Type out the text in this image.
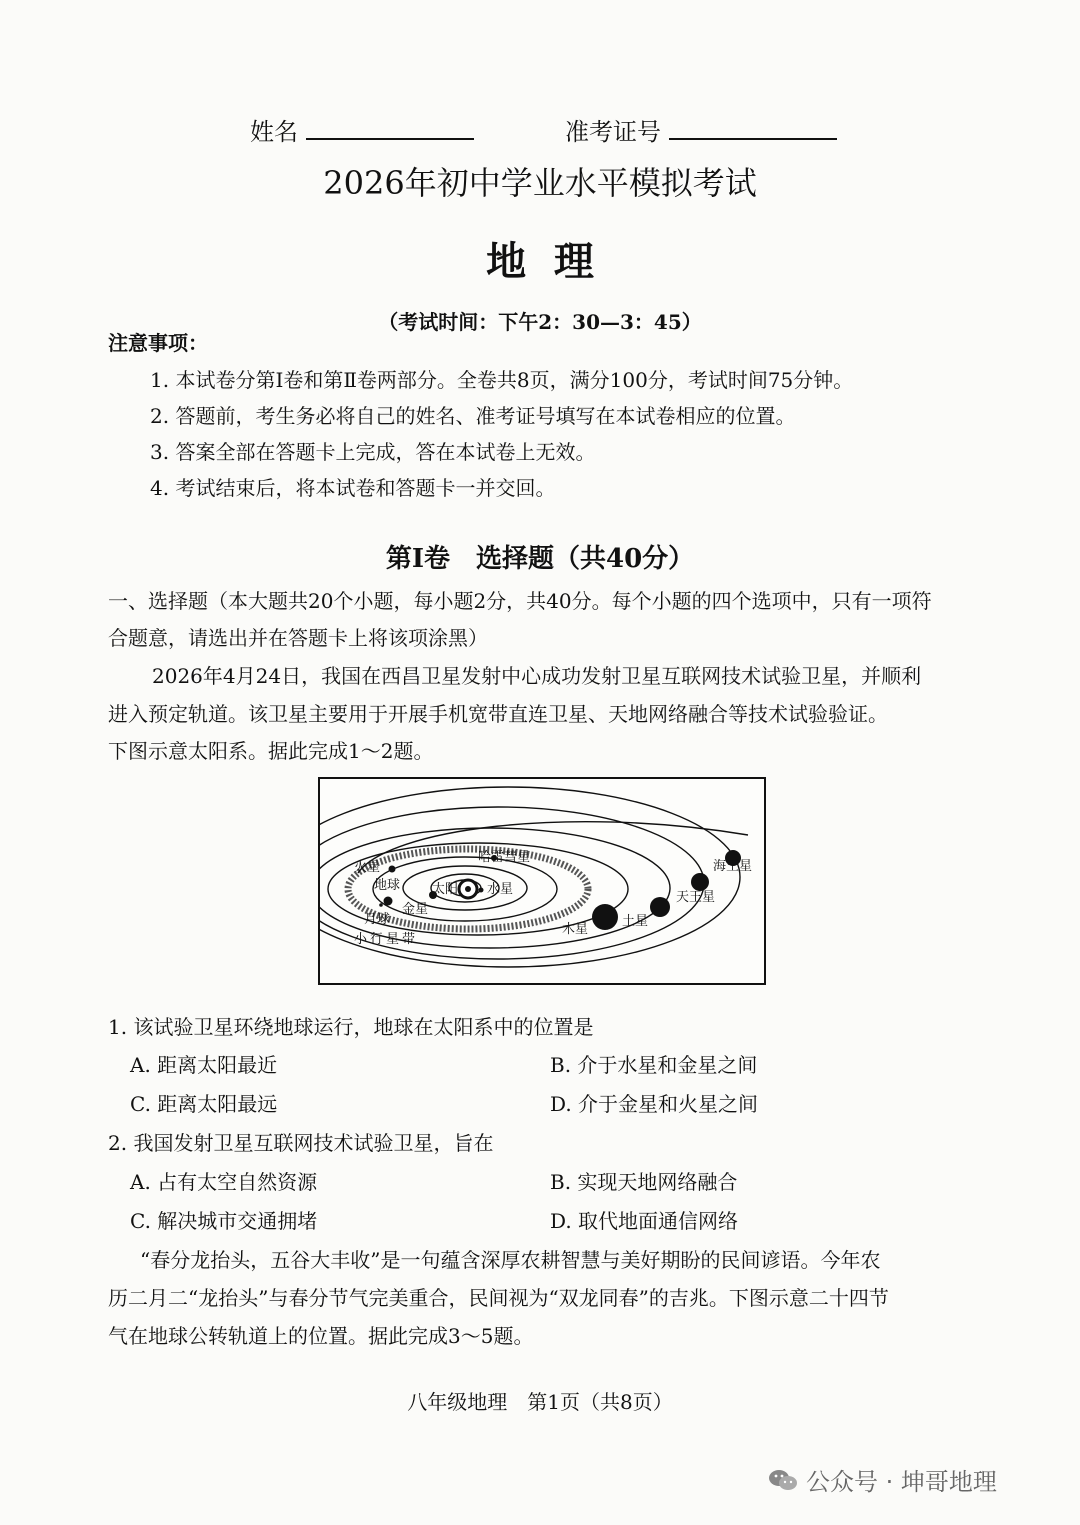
姓名	准考证号
2026年初中学业水平模拟考试
地  理
（考试时间：下午2：30—3：45）
注意事项：
1. 本试卷分第Ⅰ卷和第Ⅱ卷两部分。全卷共8页，满分100分，考试时间75分钟。
2. 答题前，考生务必将自己的姓名、准考证号填写在本试卷相应的位置。
3. 答案全部在答题卡上完成，答在本试卷上无效。
4. 考试结束后，将本试卷和答题卡一并交回。
第Ⅰ卷　选择题（共40分）
一、选择题（本大题共20个小题，每小题2分，共40分。每个小题的四个选项中，只有一项符
合题意，请选出并在答题卡上将该项涂黑）
2026年4月24日，我国在西昌卫星发射中心成功发射卫星互联网技术试验卫星，并顺利
进入预定轨道。该卫星主要用于开展手机宽带直连卫星、天地网络融合等技术试验验证。
下图示意太阳系。据此完成1～2题。
火星
地球
月球
金星
太阳 水星
哈雷彗星
小行星带
木星
土星
天王星
海王星
1. 该试验卫星环绕地球运行，地球在太阳系中的位置是
A. 距离太阳最近	B. 介于水星和金星之间
C. 距离太阳最远	D. 介于金星和火星之间
2. 我国发射卫星互联网技术试验卫星，旨在
A. 占有太空自然资源	B. 实现天地网络融合
C. 解决城市交通拥堵	D. 取代地面通信网络
“春分龙抬头，五谷大丰收”是一句蕴含深厚农耕智慧与美好期盼的民间谚语。今年农
历二月二“龙抬头”与春分节气完美重合，民间视为“双龙同春”的吉兆。下图示意二十四节
气在地球公转轨道上的位置。据此完成3～5题。
八年级地理　第1页（共8页）
公众号 · 坤哥地理
